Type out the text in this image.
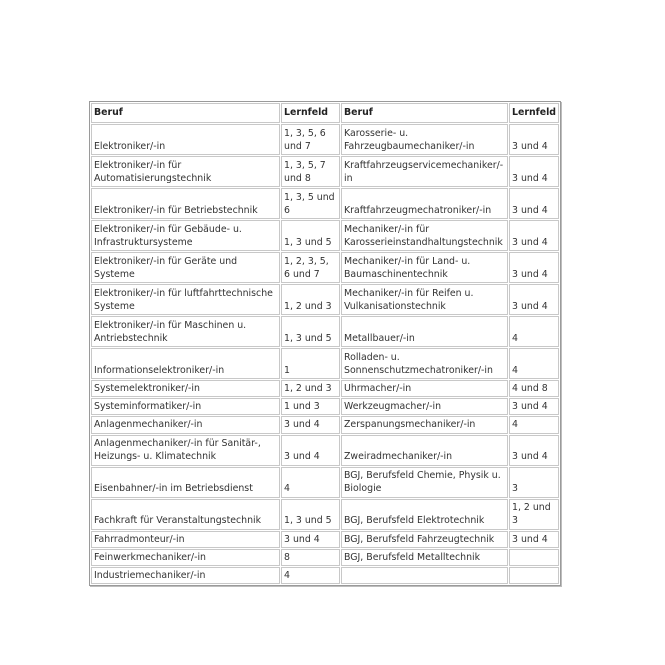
Beruf	Lernfeld	Beruf	Lernfeld
Elektroniker/-in	1, 3, 5, 6 und 7	Karosserie- u. Fahrzeugbaumechaniker/-in	3 und 4
Elektroniker/-in für Automatisierungstechnik	1, 3, 5, 7 und 8	Kraftfahrzeugservicemechaniker/-in	3 und 4
Elektroniker/-in für Betriebstechnik	1, 3, 5 und 6	Kraftfahrzeugmechatroniker/-in	3 und 4
Elektroniker/-in für Gebäude- u. Infrastruktursysteme	1, 3 und 5	Mechaniker/-in für Karosserieinstandhaltungstechnik	3 und 4
Elektroniker/-in für Geräte und Systeme	1, 2, 3, 5, 6 und 7	Mechaniker/-in für Land- u. Baumaschinentechnik	3 und 4
Elektroniker/-in für luftfahrttechnische Systeme	1, 2 und 3	Mechaniker/-in für Reifen u. Vulkanisationstechnik	3 und 4
Elektroniker/-in für Maschinen u. Antriebstechnik	1, 3 und 5	Metallbauer/-in	4
Informationselektroniker/-in	1	Rolladen- u. Sonnenschutzmechatroniker/-in	4
Systemelektroniker/-in	1, 2 und 3	Uhrmacher/-in	4 und 8
Systeminformatiker/-in	1 und 3	Werkzeugmacher/-in	3 und 4
Anlagenmechaniker/-in	3 und 4	Zerspanungsmechaniker/-in	4
Anlagenmechaniker/-in für Sanitär-, Heizungs- u. Klimatechnik	3 und 4	Zweiradmechaniker/-in	3 und 4
Eisenbahner/-in im Betriebsdienst	4	BGJ, Berufsfeld Chemie, Physik u. Biologie	3
Fachkraft für Veranstaltungstechnik	1, 3 und 5	BGJ, Berufsfeld Elektrotechnik	1, 2 und 3
Fahrradmonteur/-in	3 und 4	BGJ, Berufsfeld Fahrzeugtechnik	3 und 4
Feinwerkmechaniker/-in	8	BGJ, Berufsfeld Metalltechnik	
Industriemechaniker/-in	4		
